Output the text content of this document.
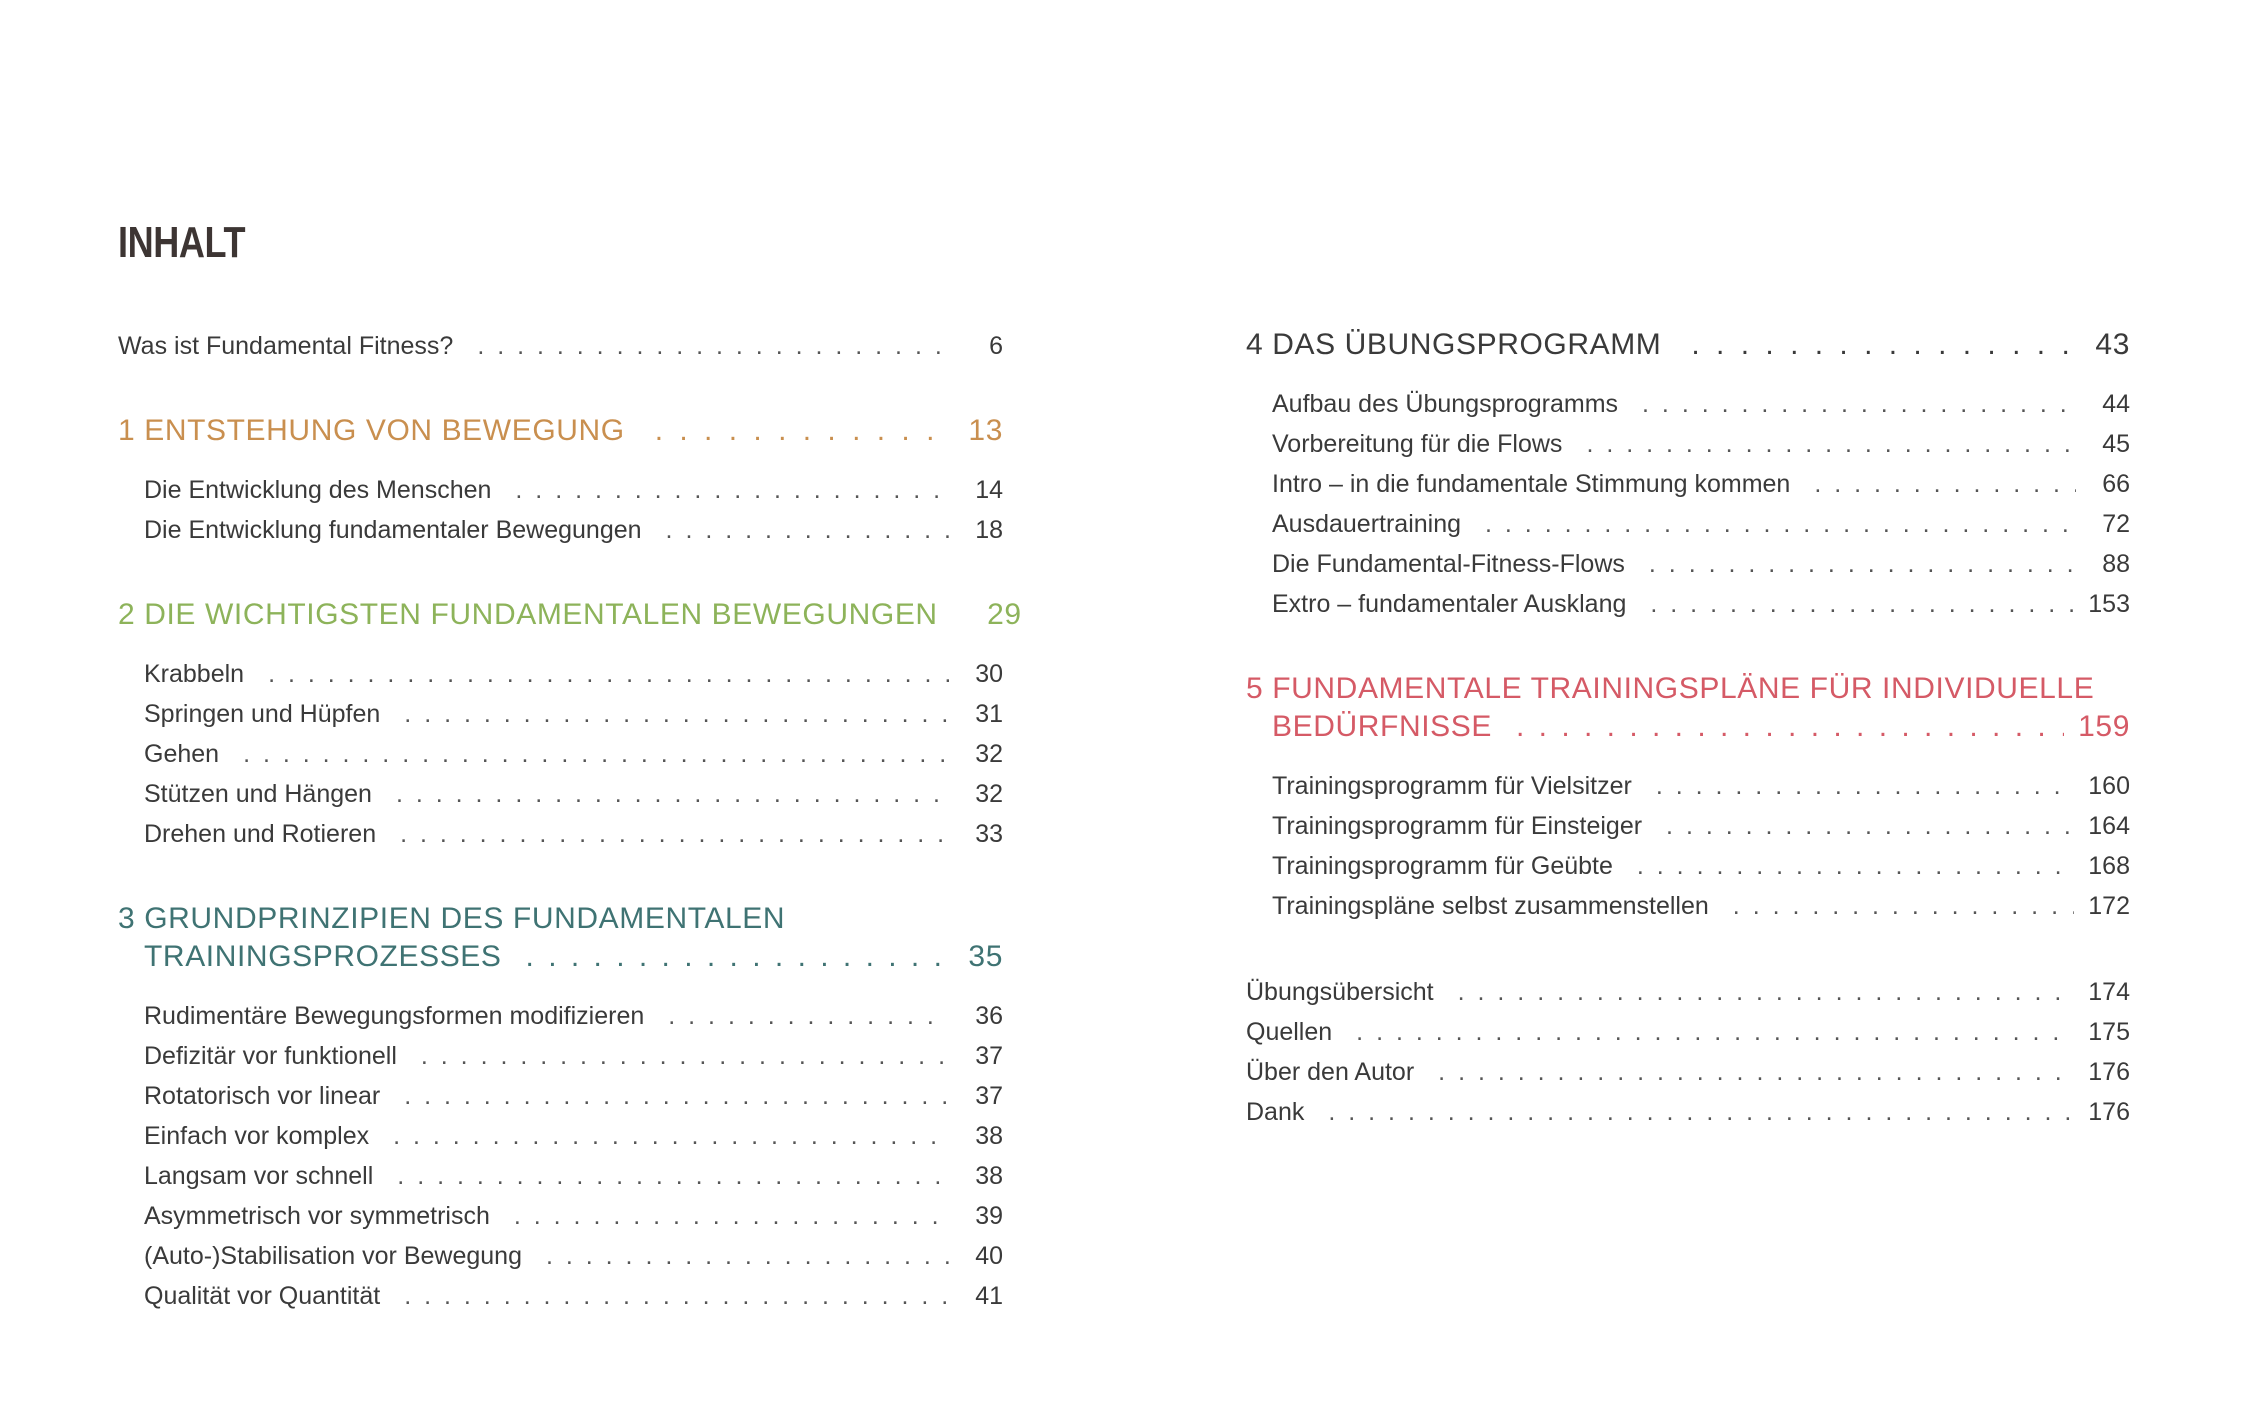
INHALT
Was ist Fundamental Fitness? . . .	6
1 ENTSTEHUNG VON BEWEGUNG . . .	13
Die Entwicklung des Menschen . . .	14
Die Entwicklung fundamentaler Bewegungen . . .	18
2 DIE WICHTIGSTEN FUNDAMENTALEN BEWEGUNGEN 29
Krabbeln . . .	30
Springen und Hüpfen . . .	31
Gehen . . .	32
Stützen und Hängen . . .	32
Drehen und Rotieren . . .	33
3 GRUNDPRINZIPIEN DES FUNDAMENTALEN
TRAININGSPROZESSES . . .	35
Rudimentäre Bewegungsformen modifizieren . . .	36
Defizitär vor funktionell . . .	37
Rotatorisch vor linear . . .	37
Einfach vor komplex . . .	38
Langsam vor schnell . . .	38
Asymmetrisch vor symmetrisch . . .	39
(Auto-)Stabilisation vor Bewegung . . .	40
Qualität vor Quantität . . .	41
4 DAS ÜBUNGSPROGRAMM . . .	43
Aufbau des Übungsprogramms . . .	44
Vorbereitung für die Flows . . .	45
Intro – in die fundamentale Stimmung kommen . . .	66
Ausdauertraining . . .	72
Die Fundamental-Fitness-Flows . . .	88
Extro – fundamentaler Ausklang . . .	153
5 FUNDAMENTALE TRAININGSPLÄNE FÜR INDIVIDUELLE
BEDÜRFNISSE . . .	159
Trainingsprogramm für Vielsitzer . . .	160
Trainingsprogramm für Einsteiger . . .	164
Trainingsprogramm für Geübte . . .	168
Trainingspläne selbst zusammenstellen . . .	172
Übungsübersicht . . .	174
Quellen . . .	175
Über den Autor . . .	176
Dank . . .	176
